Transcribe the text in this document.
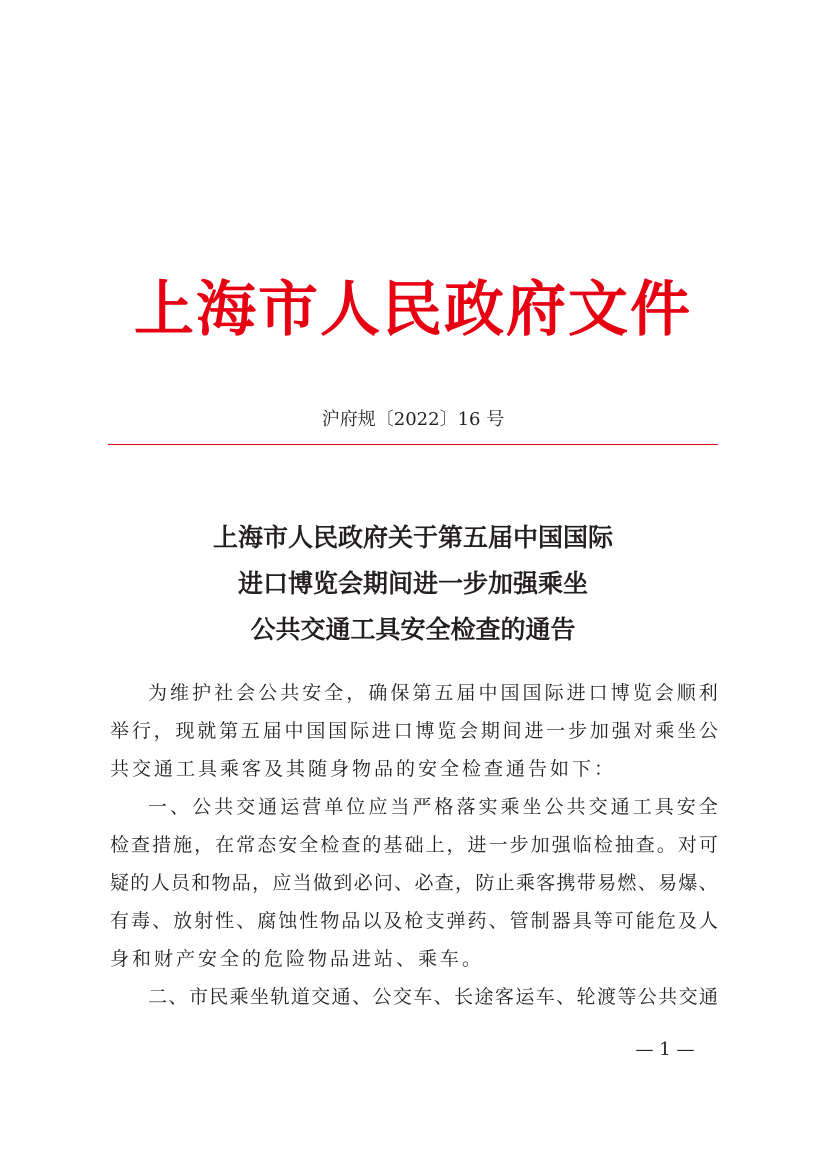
上海市人民政府文件
沪府规〔2022〕16 号
上海市人民政府关于第五届中国国际
进口博览会期间进一步加强乘坐
公共交通工具安全检查的通告
为 维 护 社 会 公 共 安 全 ， 确 保 第 五 届 中 国 国 际 进 口 博 览 会 顺 利
举 行 ， 现 就 第 五 届 中 国 国 际 进 口 博 览 会 期 间 进 一 步 加 强 对 乘 坐 公
共交通工具乘客及其随身物品的安全检查通告如下：
一 、 公 共 交 通 运 营 单 位 应 当 严 格 落 实 乘 坐 公 共 交 通 工 具 安 全
检 查 措 施 ， 在 常 态 安 全 检 查 的 基 础 上 ， 进 一 步 加 强 临 检 抽 查 。 对 可
疑 的 人 员 和 物 品 ， 应 当 做 到 必 问 、 必 查 ， 防 止 乘 客 携 带 易 燃 、 易 爆 、
有 毒 、 放 射 性 、 腐 蚀 性 物 品 以 及 枪 支 弹 药 、 管 制 器 具 等 可 能 危 及 人
身和财产安全的危险物品进站、乘车。
二 、 市 民 乘 坐 轨 道 交 通 、 公 交 车 、 长 途 客 运 车 、 轮 渡 等 公 共 交 通
— 1 —
